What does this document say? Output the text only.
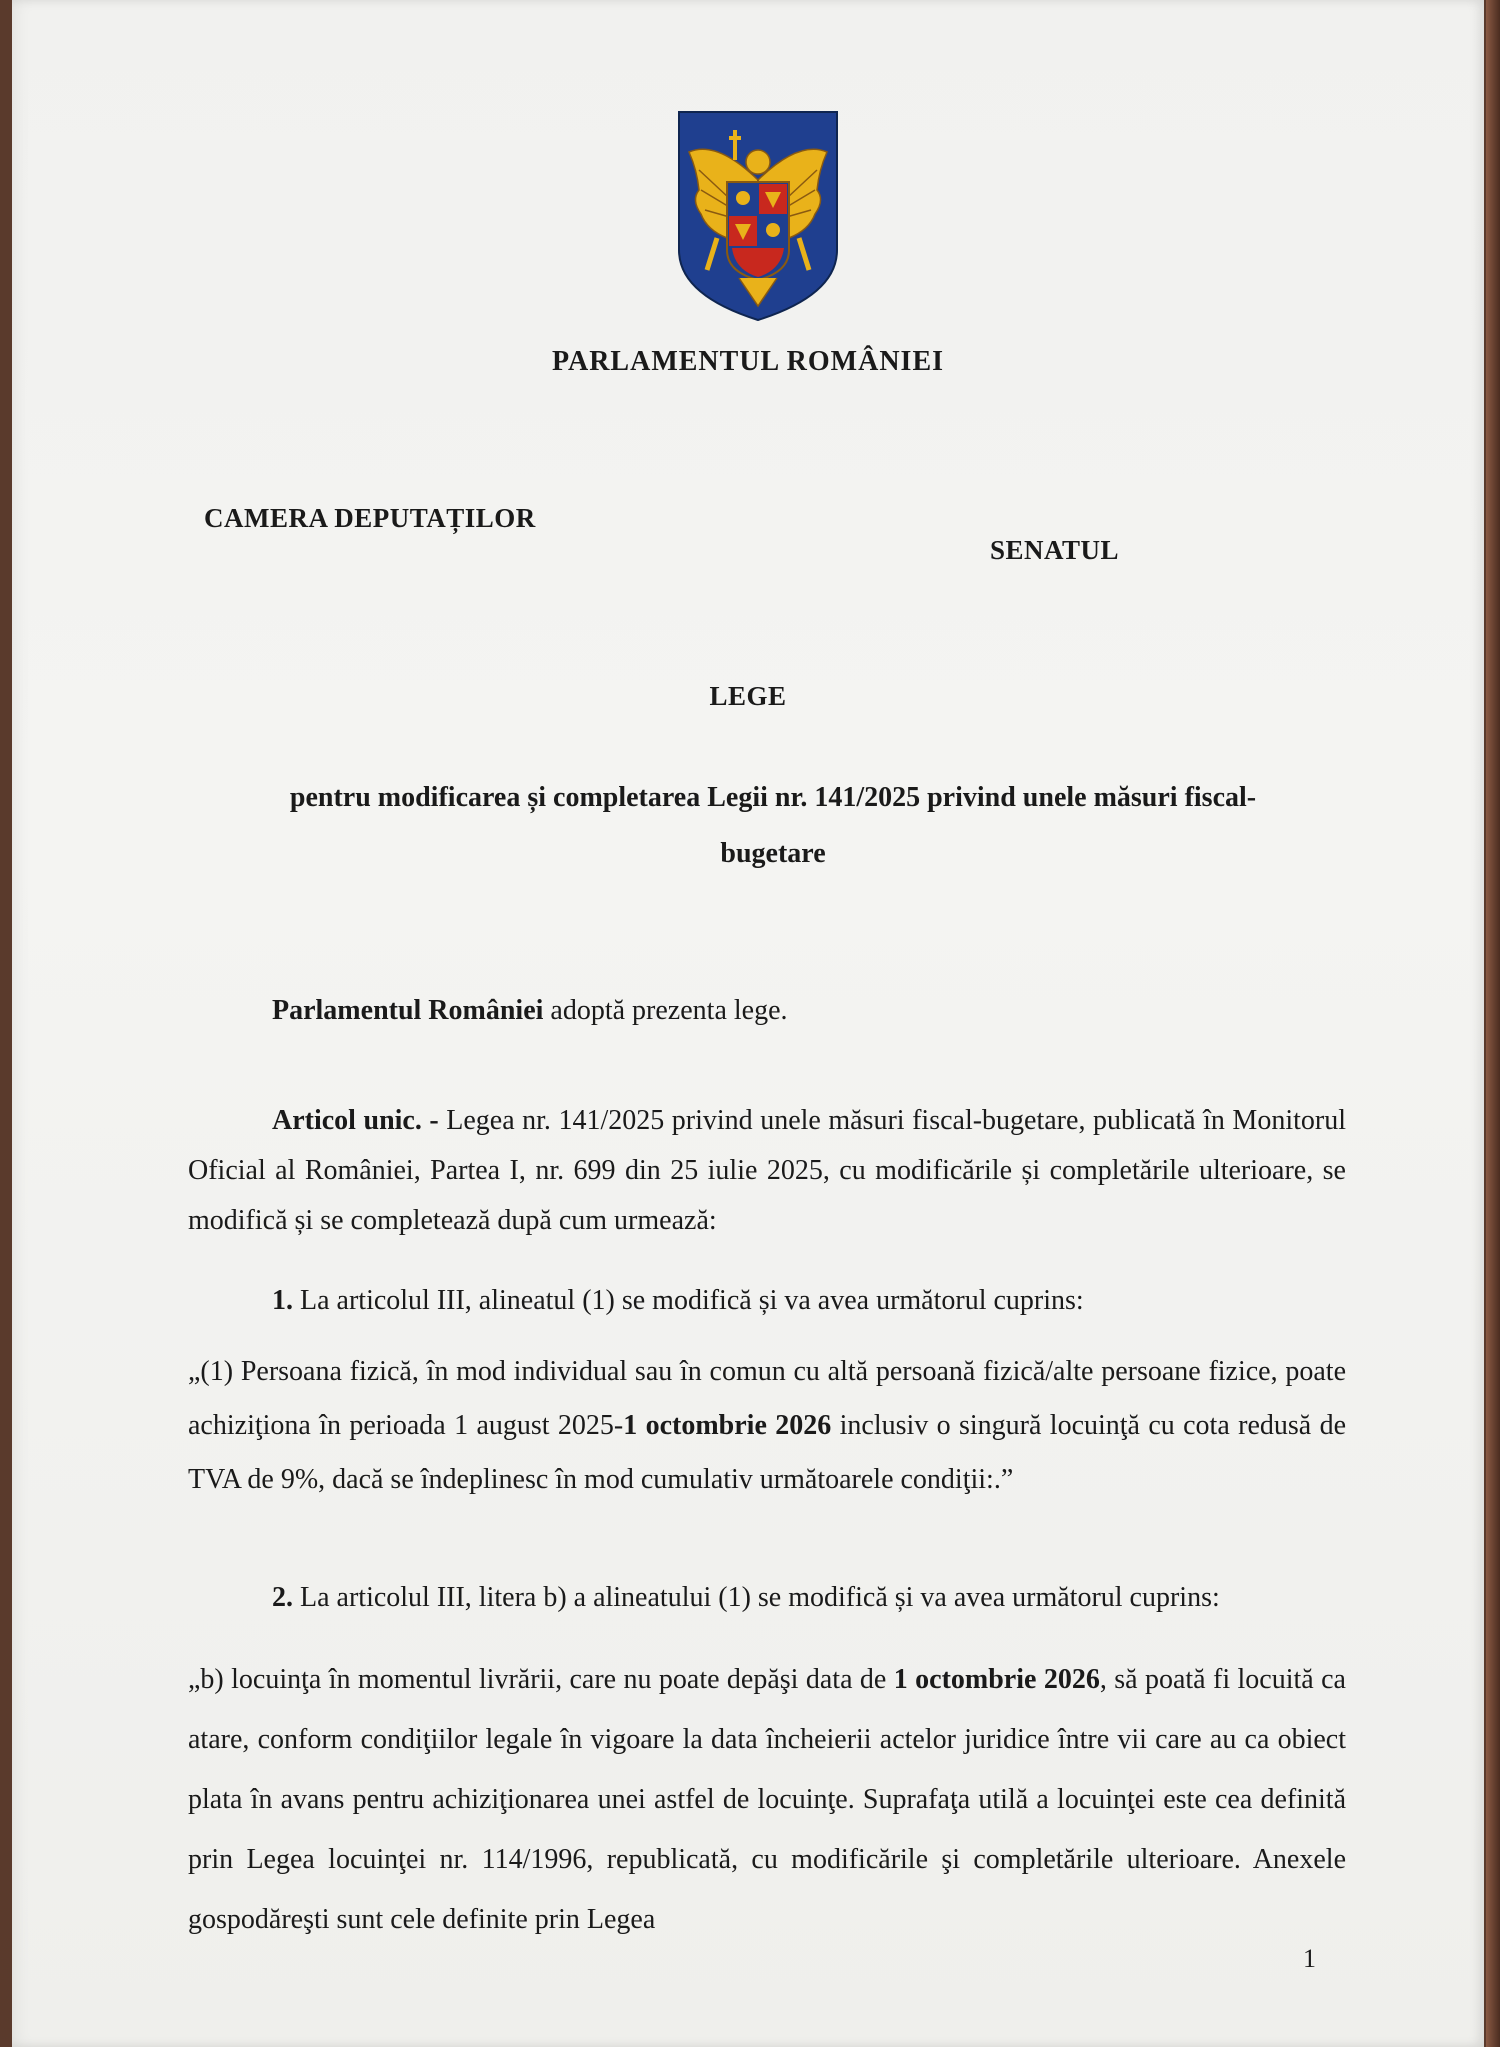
PARLAMENTUL ROMÂNIEI

CAMERA DEPUTAȚILOR

SENATUL

LEGE

pentru modificarea și completarea Legii nr. 141/2025 privind unele măsuri fiscal-
bugetare

Parlamentul României adoptă prezenta lege.

Articol unic. - Legea nr. 141/2025 privind unele măsuri fiscal-bugetare, publicată în Monitorul Oficial al României, Partea I, nr. 699 din 25 iulie 2025, cu modificările și completările ulterioare, se modifică și se completează după cum urmează:

1. La articolul III, alineatul (1) se modifică și va avea următorul cuprins:

„(1) Persoana fizică, în mod individual sau în comun cu altă persoană fizică/alte persoane fizice, poate achiziţiona în perioada 1 august 2025-1 octombrie 2026 inclusiv o singură locuinţă cu cota redusă de TVA de 9%, dacă se îndeplinesc în mod cumulativ următoarele condiţii:.”

2. La articolul III, litera b) a alineatului (1) se modifică și va avea următorul cuprins:

„b) locuinţa în momentul livrării, care nu poate depăşi data de 1 octombrie 2026, să poată fi locuită ca atare, conform condiţiilor legale în vigoare la data încheierii actelor juridice între vii care au ca obiect plata în avans pentru achiziţionarea unei astfel de locuinţe. Suprafaţa utilă a locuinţei este cea definită prin Legea locuinţei nr. 114/1996, republicată, cu modificările şi completările ulterioare. Anexele gospodăreşti sunt cele definite prin Legea

1
